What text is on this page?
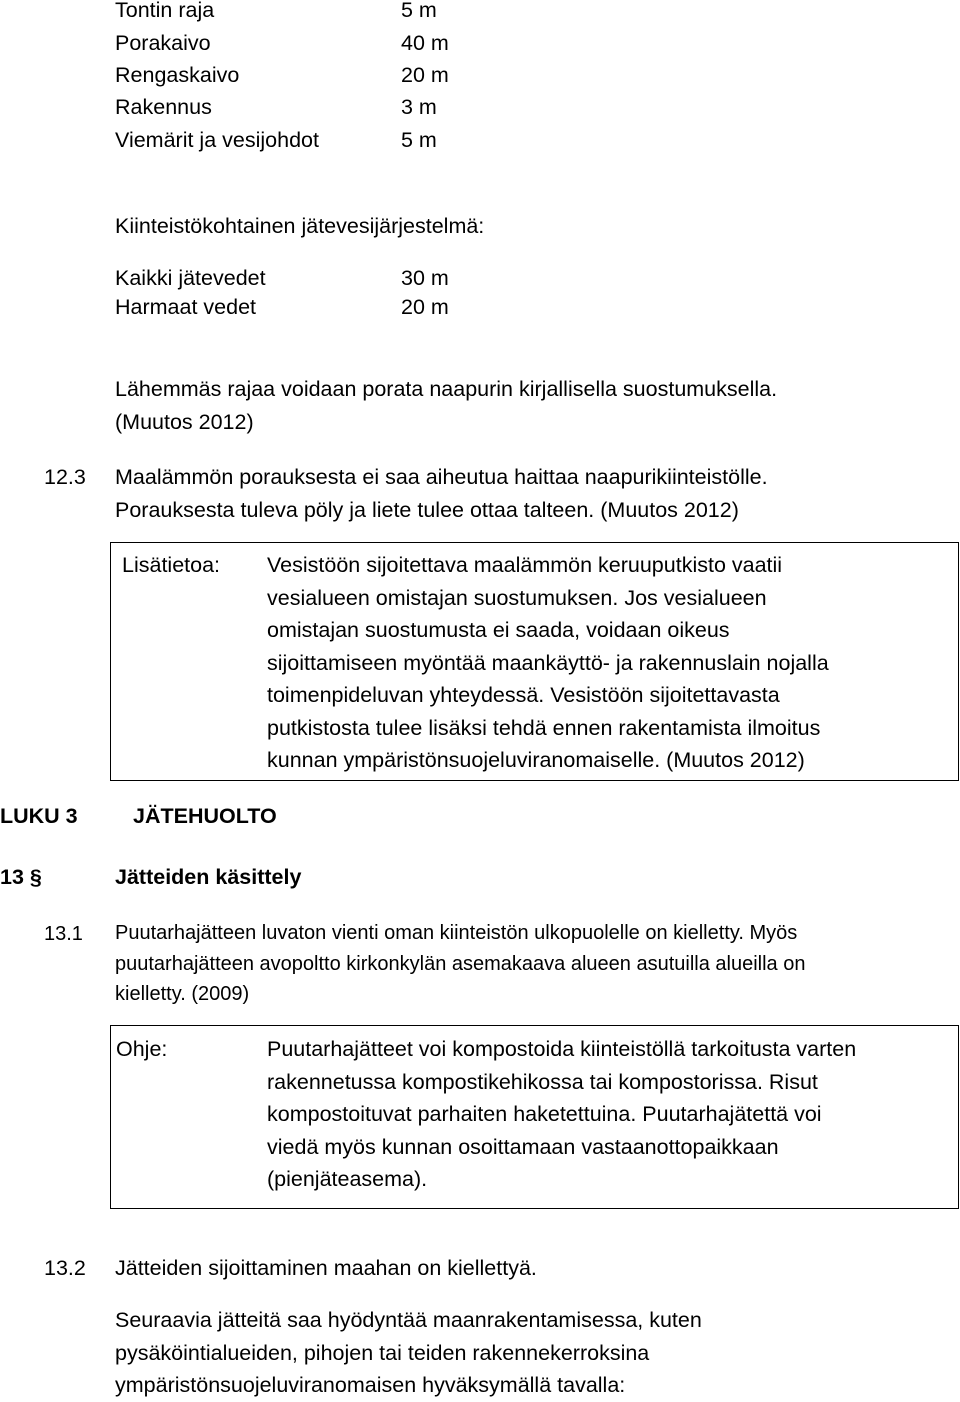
Tontin raja	5 m
Porakaivo	40 m
Rengaskaivo	20 m
Rakennus	3 m
Viemärit ja vesijohdot	5 m
Kiinteistökohtainen jätevesijärjestelmä:
Kaikki jätevedet	30 m
Harmaat vedet	20 m
Lähemmäs rajaa voidaan porata naapurin kirjallisella suostumuksella.
(Muutos 2012)
12.3 Maalämmön porauksesta ei saa aiheutua haittaa naapurikiinteistölle.
Porauksesta tuleva pöly ja liete tulee ottaa talteen. (Muutos 2012)
Lisätietoa: Vesistöön sijoitettava maalämmön keruuputkisto vaatii
vesialueen omistajan suostumuksen. Jos vesialueen
omistajan suostumusta ei saada, voidaan oikeus
sijoittamiseen myöntää maankäyttö- ja rakennuslain nojalla
toimenpideluvan yhteydessä. Vesistöön sijoitettavasta
putkistosta tulee lisäksi tehdä ennen rakentamista ilmoitus
kunnan ympäristönsuojeluviranomaiselle. (Muutos 2012)
LUKU 3	JÄTEHUOLTO
13 §	Jätteiden käsittely
13.1 Puutarhajätteen luvaton vienti oman kiinteistön ulkopuolelle on kielletty. Myös
puutarhajätteen avopoltto kirkonkylän asemakaava alueen asutuilla alueilla on
kielletty. (2009)
Ohje:	Puutarhajätteet voi kompostoida kiinteistöllä tarkoitusta varten
rakennetussa kompostikehikossa tai kompostorissa. Risut
kompostoituvat parhaiten haketettuina. Puutarhajätettä voi
viedä myös kunnan osoittamaan vastaanottopaikkaan
(pienjäteasema).
13.2 Jätteiden sijoittaminen maahan on kiellettyä.
Seuraavia jätteitä saa hyödyntää maanrakentamisessa, kuten
pysäköintialueiden, pihojen tai teiden rakennekerroksina
ympäristönsuojeluviranomaisen hyväksymällä tavalla:
